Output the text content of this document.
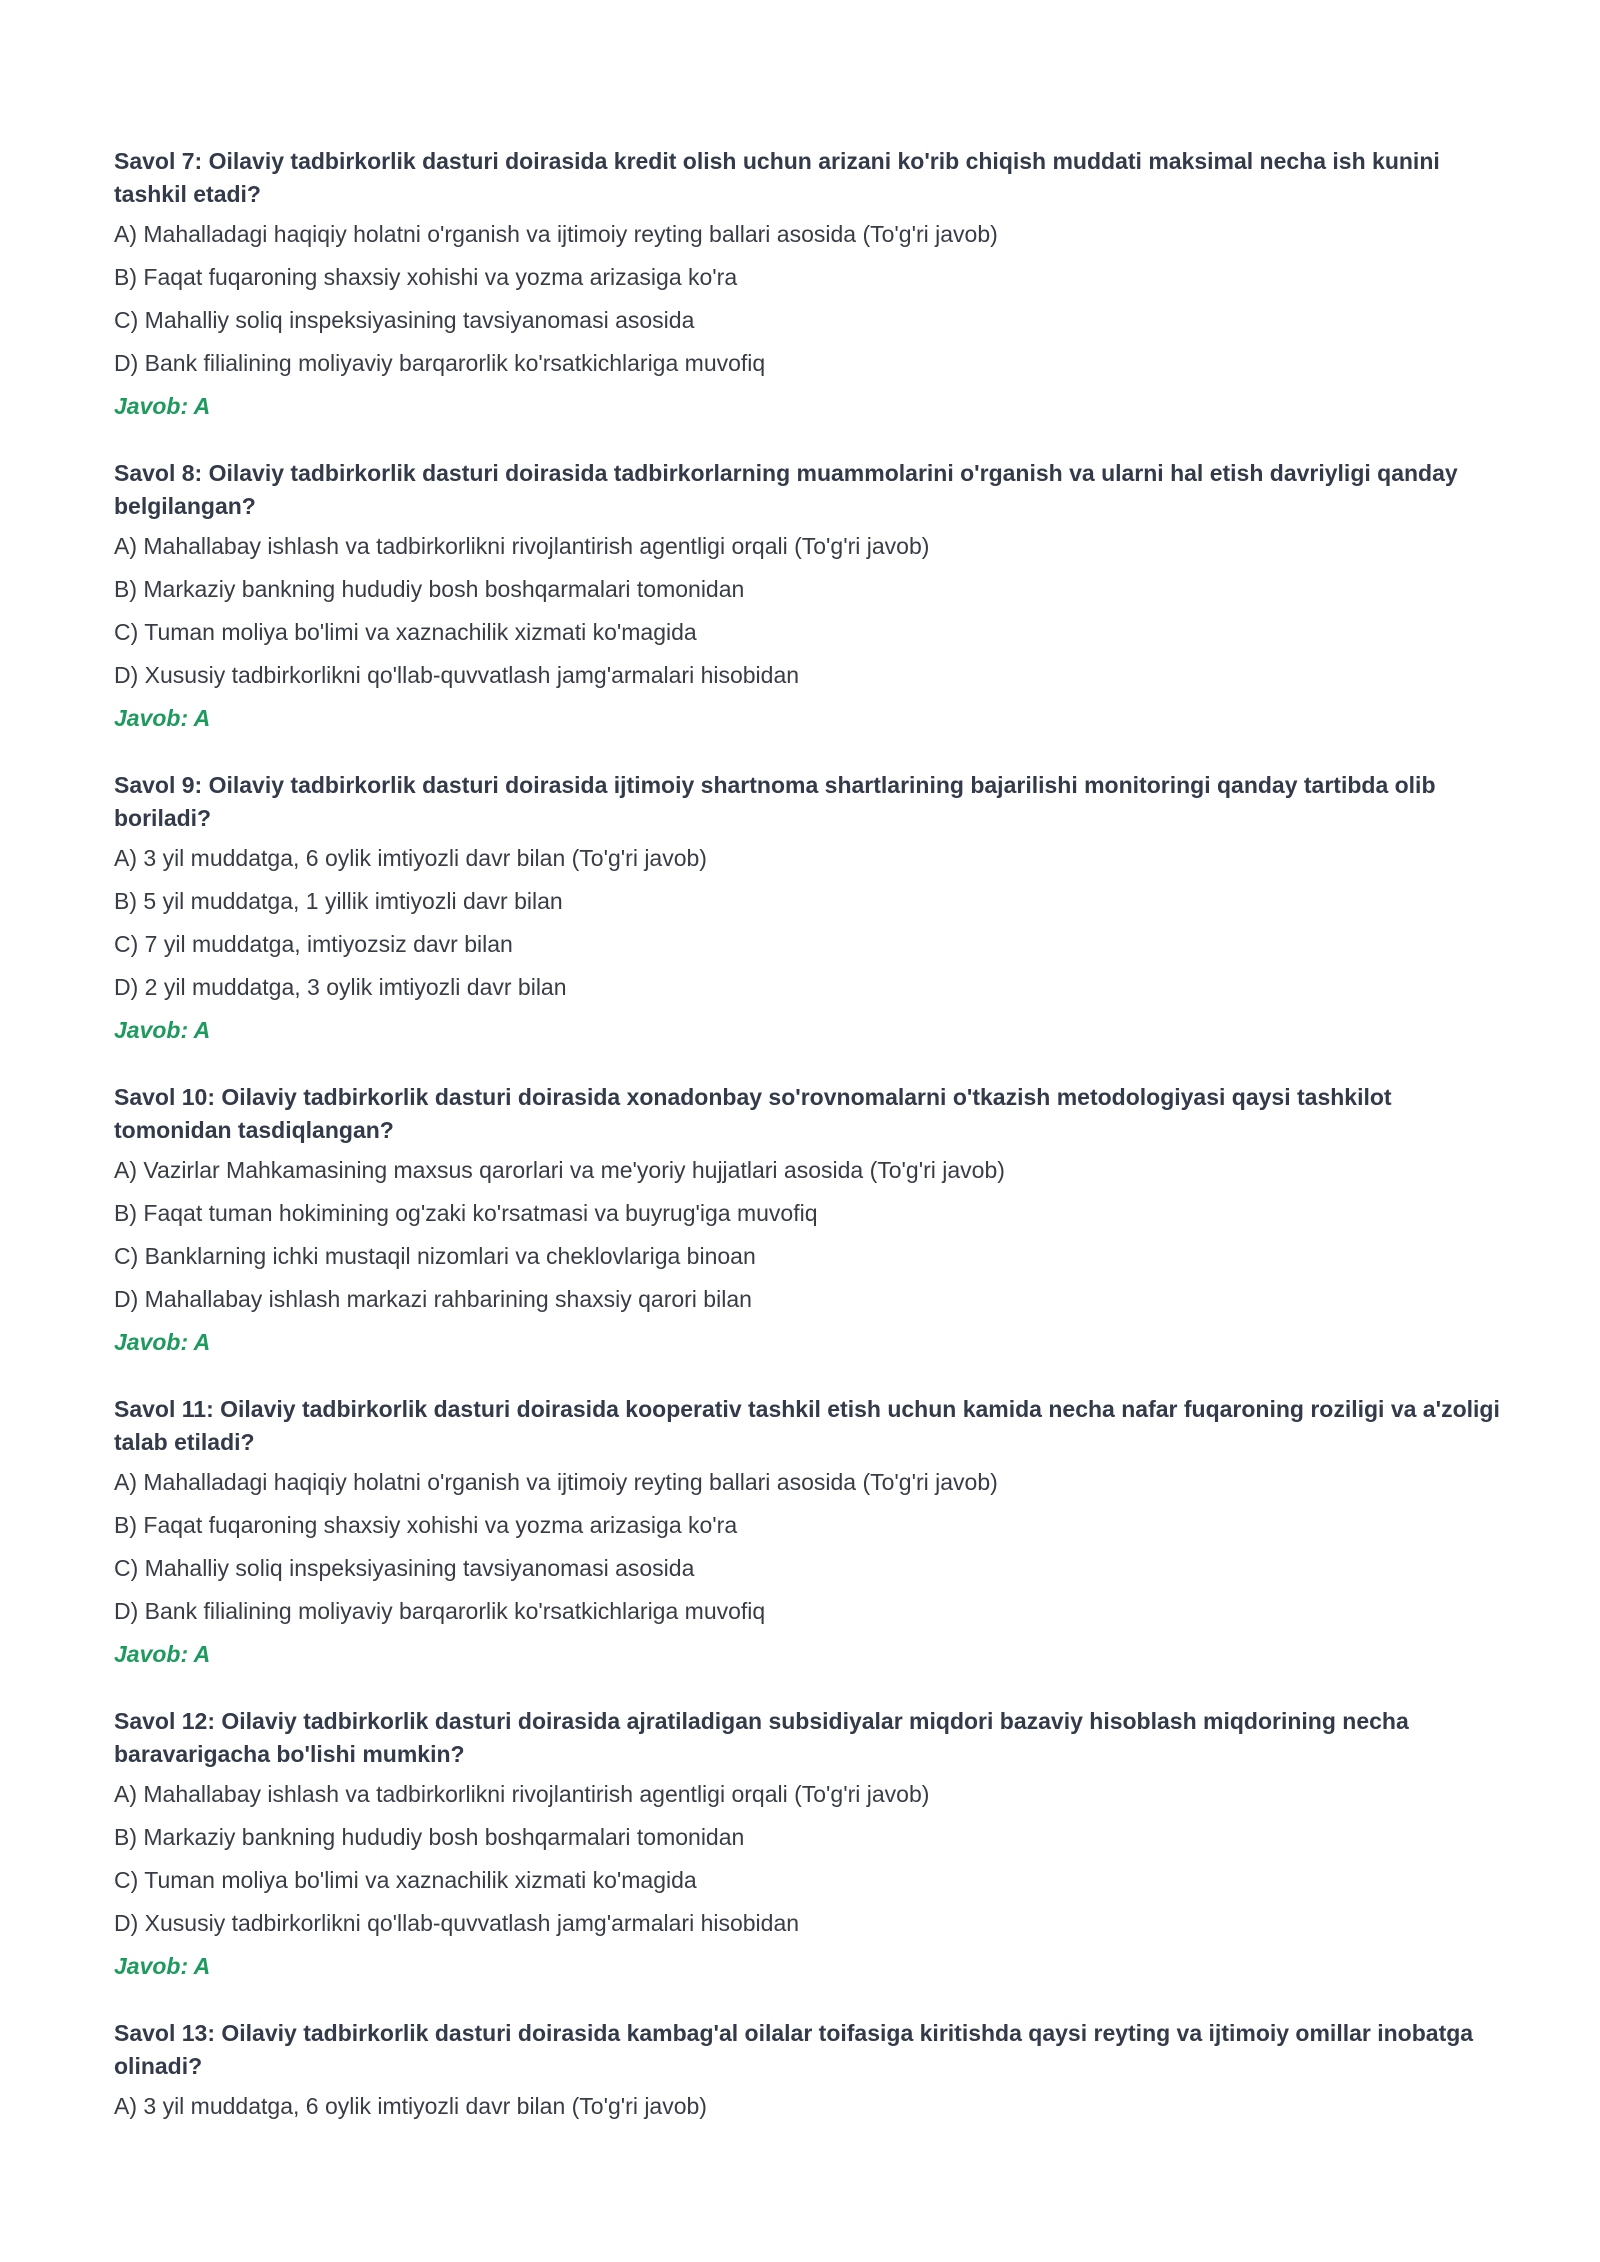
Savol 7: Oilaviy tadbirkorlik dasturi doirasida kredit olish uchun arizani ko'rib chiqish muddati maksimal necha ish kunini tashkil etadi?

A) Mahalladagi haqiqiy holatni o'rganish va ijtimoiy reyting ballari asosida (To'g'ri javob)

B) Faqat fuqaroning shaxsiy xohishi va yozma arizasiga ko'ra

C) Mahalliy soliq inspeksiyasining tavsiyanomasi asosida

D) Bank filialining moliyaviy barqarorlik ko'rsatkichlariga muvofiq

Javob: A

Savol 8: Oilaviy tadbirkorlik dasturi doirasida tadbirkorlarning muammolarini o'rganish va ularni hal etish davriyligi qanday belgilangan?

A) Mahallabay ishlash va tadbirkorlikni rivojlantirish agentligi orqali (To'g'ri javob)

B) Markaziy bankning hududiy bosh boshqarmalari tomonidan

C) Tuman moliya bo'limi va xaznachilik xizmati ko'magida

D) Xususiy tadbirkorlikni qo'llab-quvvatlash jamg'armalari hisobidan

Javob: A

Savol 9: Oilaviy tadbirkorlik dasturi doirasida ijtimoiy shartnoma shartlarining bajarilishi monitoringi qanday tartibda olib boriladi?

A) 3 yil muddatga, 6 oylik imtiyozli davr bilan (To'g'ri javob)

B) 5 yil muddatga, 1 yillik imtiyozli davr bilan

C) 7 yil muddatga, imtiyozsiz davr bilan

D) 2 yil muddatga, 3 oylik imtiyozli davr bilan

Javob: A

Savol 10: Oilaviy tadbirkorlik dasturi doirasida xonadonbay so'rovnomalarni o'tkazish metodologiyasi qaysi tashkilot tomonidan tasdiqlangan?

A) Vazirlar Mahkamasining maxsus qarorlari va me'yoriy hujjatlari asosida (To'g'ri javob)

B) Faqat tuman hokimining og'zaki ko'rsatmasi va buyrug'iga muvofiq

C) Banklarning ichki mustaqil nizomlari va cheklovlariga binoan

D) Mahallabay ishlash markazi rahbarining shaxsiy qarori bilan

Javob: A

Savol 11: Oilaviy tadbirkorlik dasturi doirasida kooperativ tashkil etish uchun kamida necha nafar fuqaroning roziligi va a'zoligi talab etiladi?

A) Mahalladagi haqiqiy holatni o'rganish va ijtimoiy reyting ballari asosida (To'g'ri javob)

B) Faqat fuqaroning shaxsiy xohishi va yozma arizasiga ko'ra

C) Mahalliy soliq inspeksiyasining tavsiyanomasi asosida

D) Bank filialining moliyaviy barqarorlik ko'rsatkichlariga muvofiq

Javob: A

Savol 12: Oilaviy tadbirkorlik dasturi doirasida ajratiladigan subsidiyalar miqdori bazaviy hisoblash miqdorining necha baravarigacha bo'lishi mumkin?

A) Mahallabay ishlash va tadbirkorlikni rivojlantirish agentligi orqali (To'g'ri javob)

B) Markaziy bankning hududiy bosh boshqarmalari tomonidan

C) Tuman moliya bo'limi va xaznachilik xizmati ko'magida

D) Xususiy tadbirkorlikni qo'llab-quvvatlash jamg'armalari hisobidan

Javob: A

Savol 13: Oilaviy tadbirkorlik dasturi doirasida kambag'al oilalar toifasiga kiritishda qaysi reyting va ijtimoiy omillar inobatga olinadi?

A) 3 yil muddatga, 6 oylik imtiyozli davr bilan (To'g'ri javob)
